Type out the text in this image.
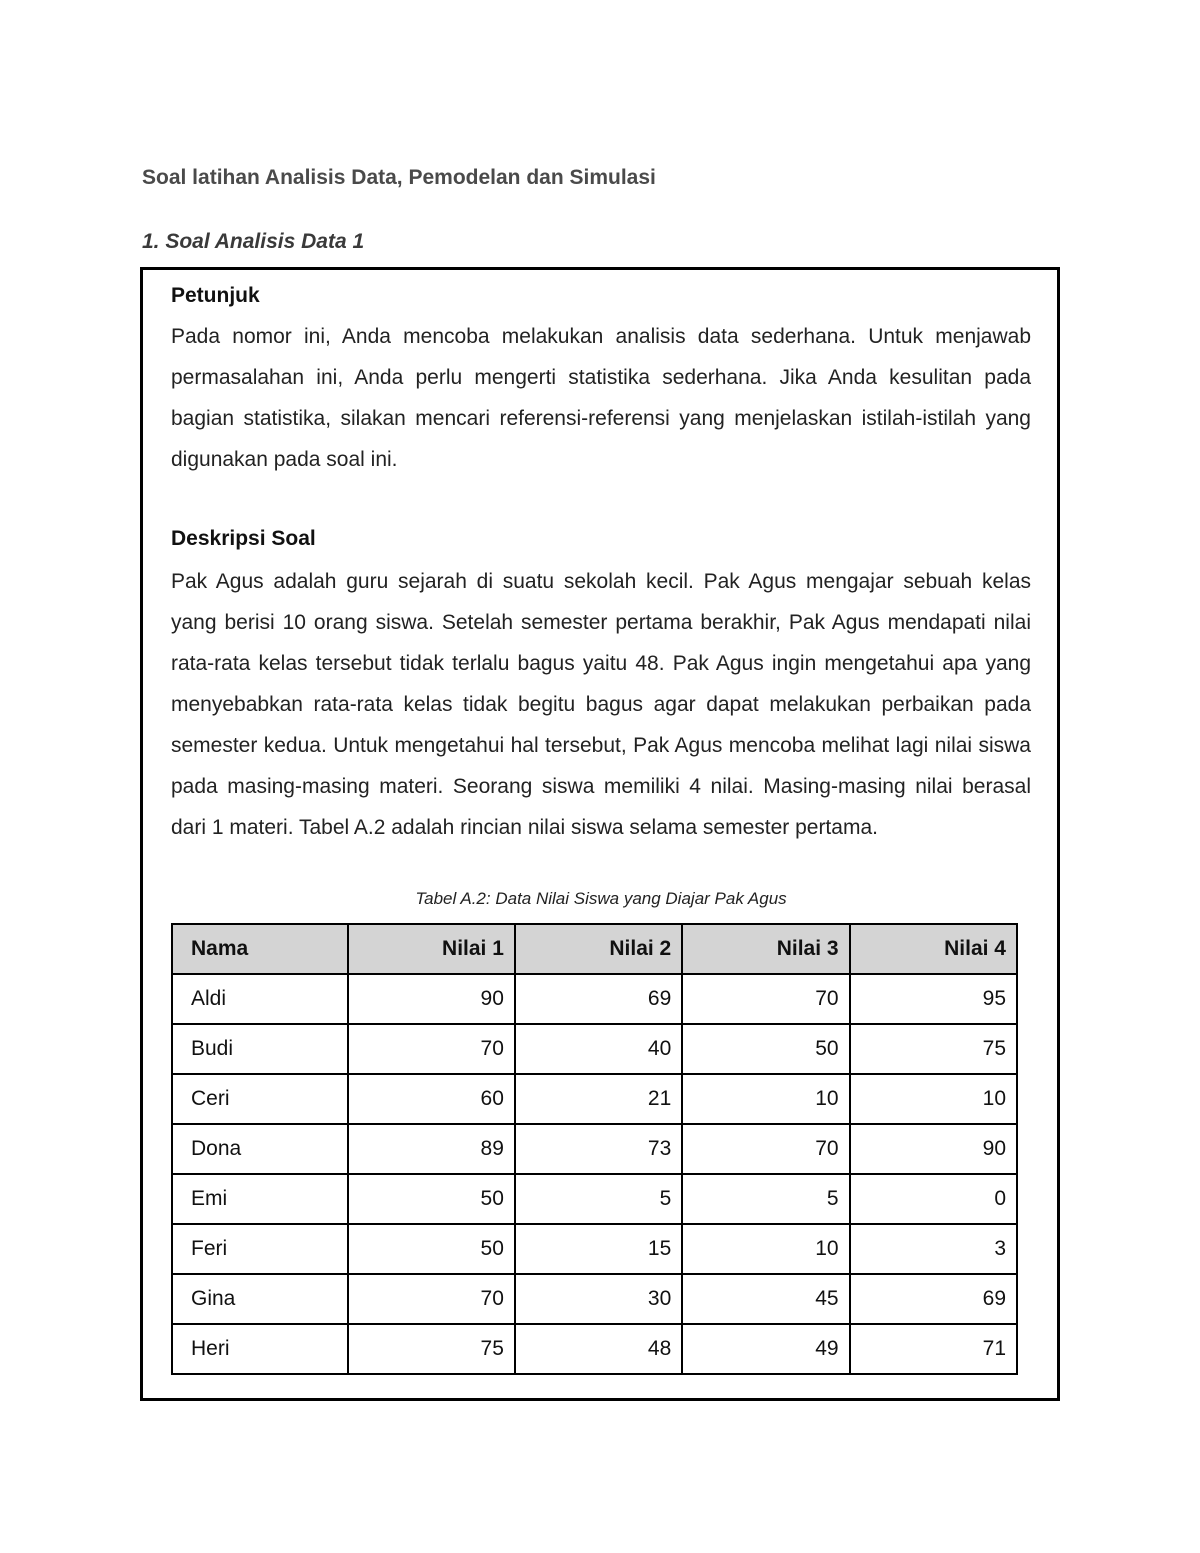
Soal latihan Analisis Data, Pemodelan dan Simulasi
1. Soal Analisis Data 1
Petunjuk

Pada nomor ini, Anda mencoba melakukan analisis data sederhana. Untuk menjawab permasalahan ini, Anda perlu mengerti statistika sederhana. Jika Anda kesulitan pada bagian statistika, silakan mencari referensi-referensi yang menjelaskan istilah-istilah yang digunakan pada soal ini.

Deskripsi Soal

Pak Agus adalah guru sejarah di suatu sekolah kecil. Pak Agus mengajar sebuah kelas yang berisi 10 orang siswa. Setelah semester pertama berakhir, Pak Agus mendapati nilai rata-rata kelas tersebut tidak terlalu bagus yaitu 48. Pak Agus ingin mengetahui apa yang menyebabkan rata-rata kelas tidak begitu bagus agar dapat melakukan perbaikan pada semester kedua. Untuk mengetahui hal tersebut, Pak Agus mencoba melihat lagi nilai siswa pada masing-masing materi. Seorang siswa memiliki 4 nilai. Masing-masing nilai berasal dari 1 materi. Tabel A.2 adalah rincian nilai siswa selama semester pertama.

Tabel A.2: Data Nilai Siswa yang Diajar Pak Agus

Nama	Nilai 1	Nilai 2	Nilai 3	Nilai 4
Aldi	90	69	70	95
Budi	70	40	50	75
Ceri	60	21	10	10
Dona	89	73	70	90
Emi	50	5	5	0
Feri	50	15	10	3
Gina	70	30	45	69
Heri	75	48	49	71
